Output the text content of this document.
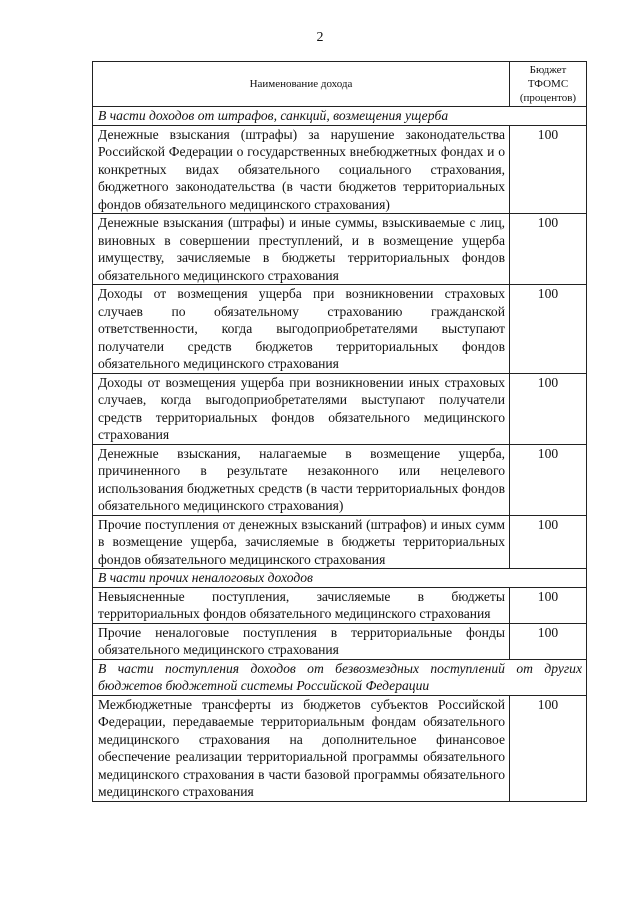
2
Наименование дохода	Бюджет ТФОМС (процентов)
В части доходов от штрафов, санкций, возмещения ущерба	
Денежные взыскания (штрафы) за нарушение законодательства Российской Федерации о государственных внебюджетных фондах и о конкретных видах обязательного социального страхования, бюджетного законодательства (в части бюджетов территориальных фондов обязательного медицинского страхования)	100
Денежные взыскания (штрафы) и иные суммы, взыскиваемые с лиц, виновных в совершении преступлений, и в возмещение ущерба имуществу, зачисляемые в бюджеты территориальных фондов обязательного медицинского страхования	100
Доходы от возмещения ущерба при возникновении страховых случаев по обязательному страхованию гражданской ответственности, когда выгодоприобретателями выступают получатели средств бюджетов территориальных фондов обязательного медицинского страхования	100
Доходы от возмещения ущерба при возникновении иных страховых случаев, когда выгодоприобретателями выступают получатели средств территориальных фондов обязательного медицинского страхования	100
Денежные взыскания, налагаемые в возмещение ущерба, причиненного в результате незаконного или нецелевого использования бюджетных средств (в части территориальных фондов обязательного медицинского страхования)	100
Прочие поступления от денежных взысканий (штрафов) и иных сумм в возмещение ущерба, зачисляемые в бюджеты территориальных фондов обязательного медицинского страхования	100
В части прочих неналоговых доходов	
Невыясненные поступления, зачисляемые в бюджеты территориальных фондов обязательного медицинского страхования	100
Прочие неналоговые поступления в территориальные фонды обязательного медицинского страхования	100
В части поступления доходов от безвозмездных поступлений от других бюджетов бюджетной системы Российской Федерации	
Межбюджетные трансферты из бюджетов субъектов Российской Федерации, передаваемые территориальным фондам обязательного медицинского страхования на дополнительное финансовое обеспечение реализации территориальной программы обязательного медицинского страхования в части базовой программы обязательного медицинского страхования	100
